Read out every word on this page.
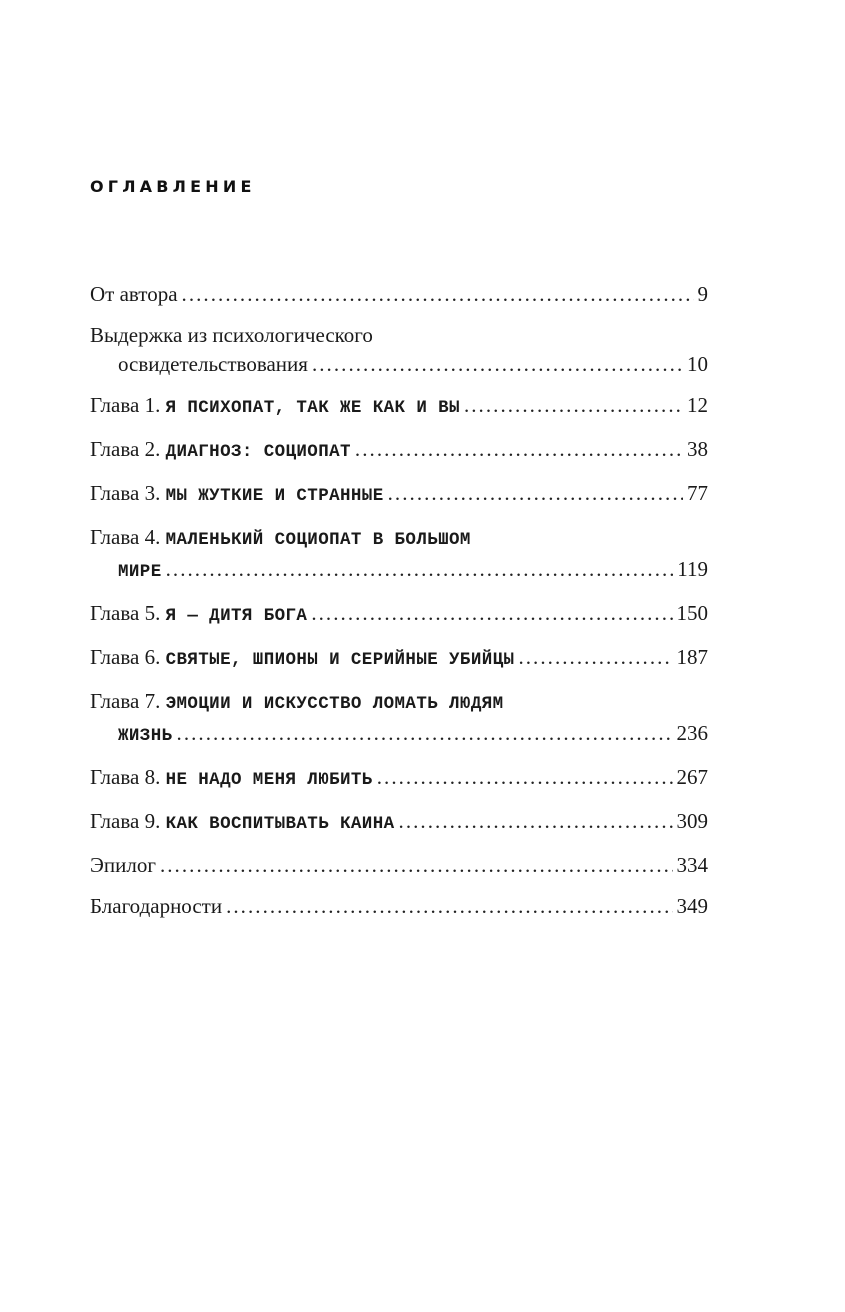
ОГЛАВЛЕНИЕ
От автора . . .	9
Выдержка из психологического
освидетельствования . . .	10
Глава 1. Я ПСИХОПАТ, ТАК ЖЕ КАК И ВЫ . . .	12
Глава 2. ДИАГНОЗ: СОЦИОПАТ . . .	38
Глава 3. МЫ ЖУТКИЕ И СТРАННЫЕ . . .	77
Глава 4. МАЛЕНЬКИЙ СОЦИОПАТ В БОЛЬШОМ
МИРЕ . . .	119
Глава 5. Я — ДИТЯ БОГА . . .	150
Глава 6. СВЯТЫЕ, ШПИОНЫ И СЕРИЙНЫЕ УБИЙЦЫ . . .	187
Глава 7. ЭМОЦИИ И ИСКУССТВО ЛОМАТЬ ЛЮДЯМ
ЖИЗНЬ . . .	236
Глава 8. НЕ НАДО МЕНЯ ЛЮБИТЬ . . .	267
Глава 9. КАК ВОСПИТЫВАТЬ КАИНА . . .	309
Эпилог . . .	334
Благодарности . . .	349
